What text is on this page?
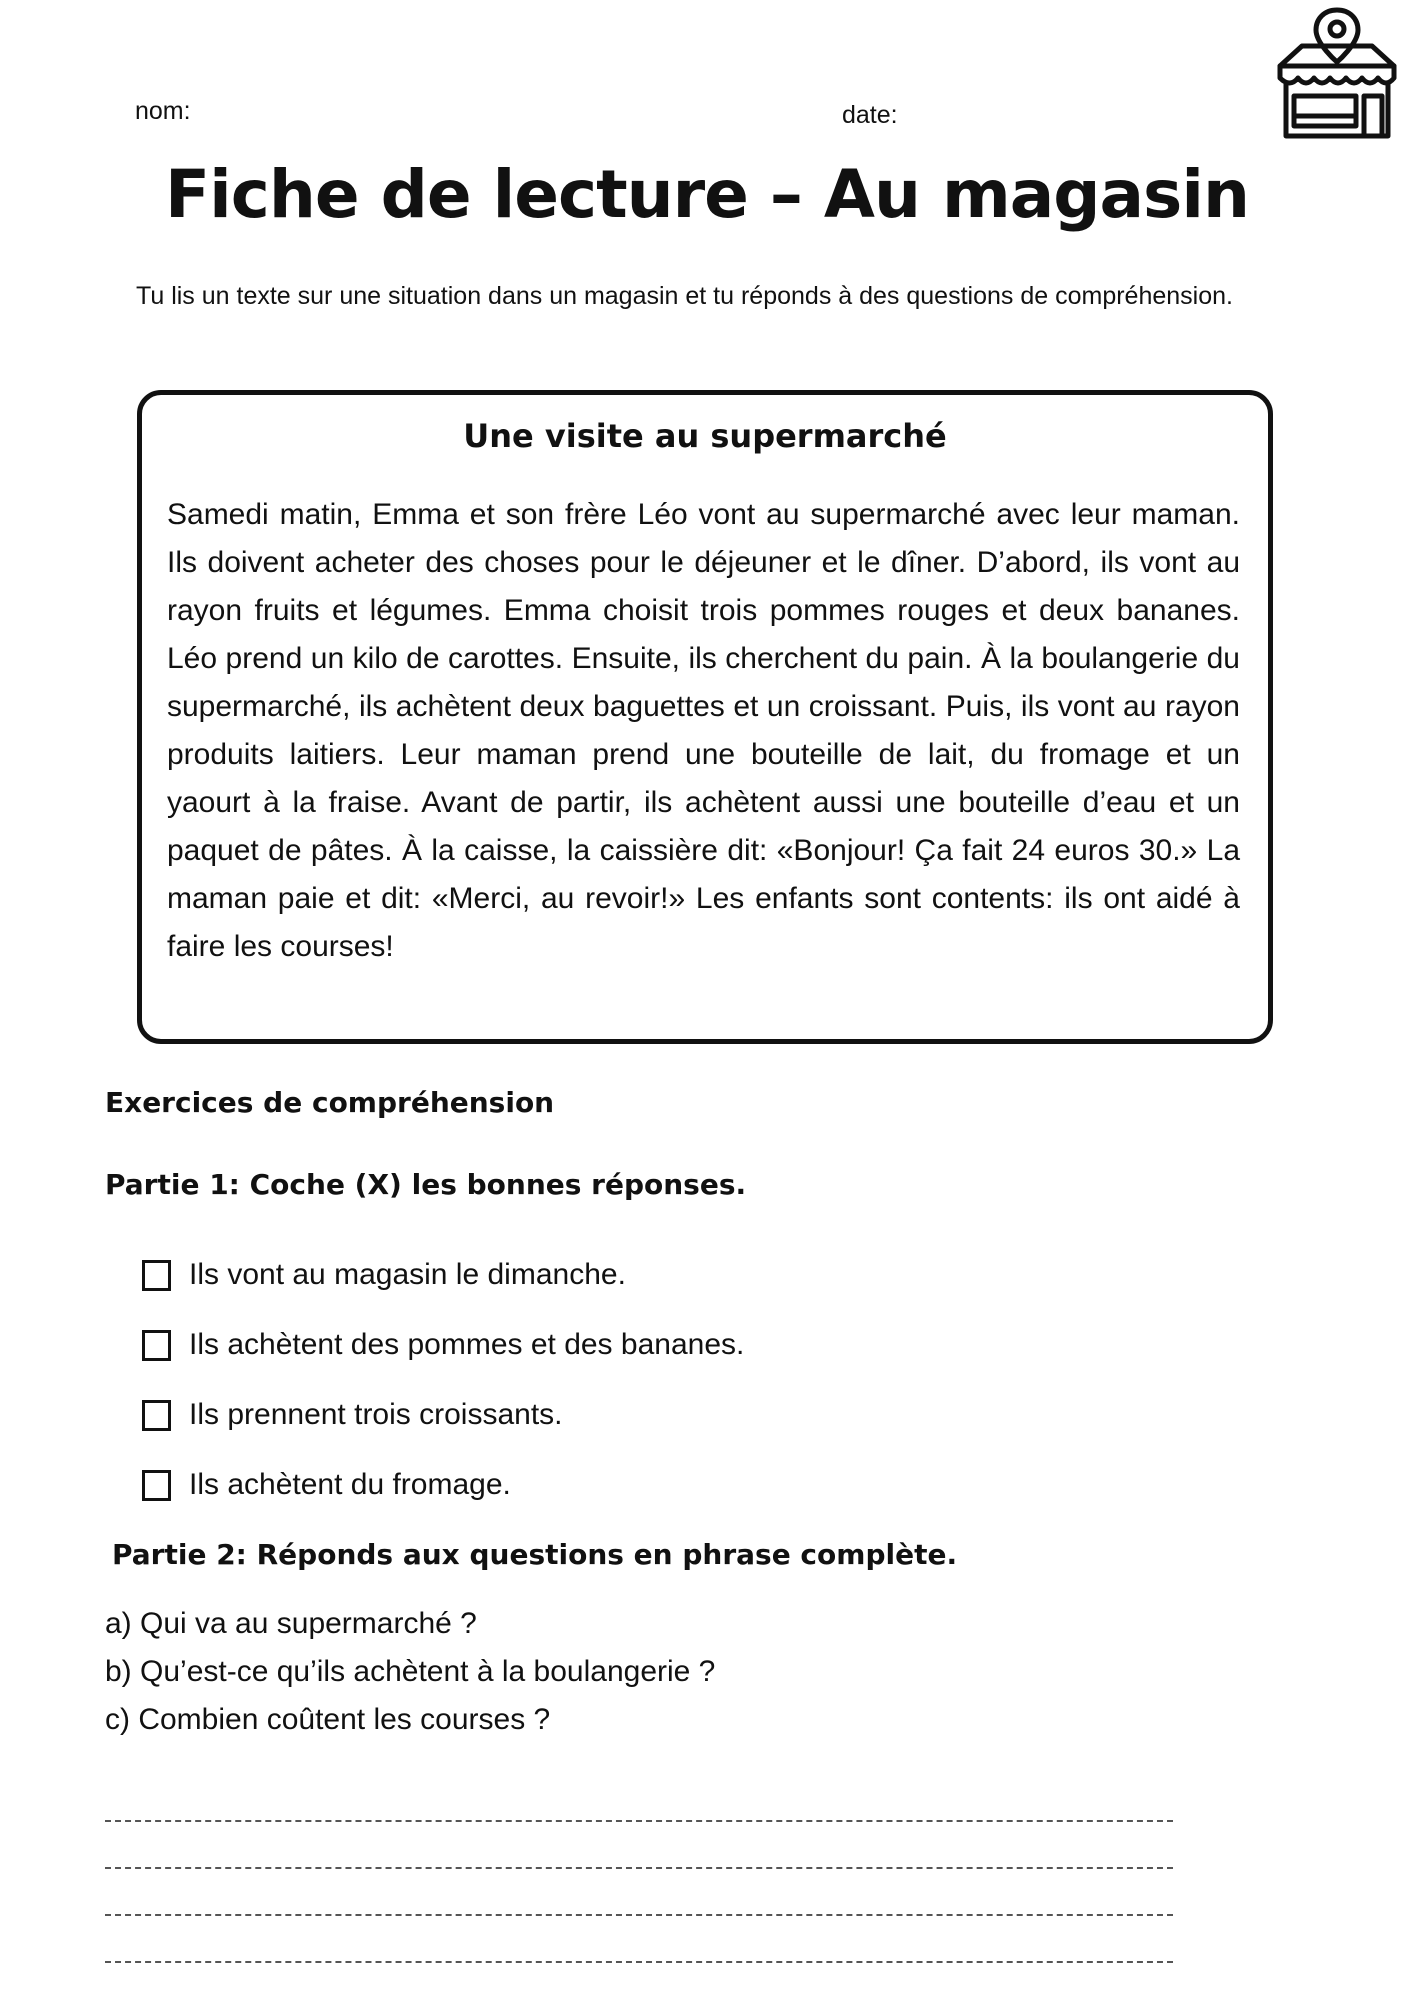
nom:	date:
Fiche de lecture – Au magasin

Tu lis un texte sur une situation dans un magasin et tu réponds à des questions de compréhension.

Une visite au supermarché

Samedi matin, Emma et son frère Léo vont au supermarché avec leur maman. Ils doivent acheter des choses pour le déjeuner et le dîner. D’abord, ils vont au rayon fruits et légumes. Emma choisit trois pommes rouges et deux bananes. Léo prend un kilo de carottes. Ensuite, ils cherchent du pain. À la boulangerie du supermarché, ils achètent deux baguettes et un croissant. Puis, ils vont au rayon produits laitiers. Leur maman prend une bouteille de lait, du fromage et un yaourt à la fraise. Avant de partir, ils achètent aussi une bouteille d’eau et un paquet de pâtes. À la caisse, la caissière dit: «Bonjour! Ça fait 24 euros 30.» La maman paie et dit: «Merci, au revoir!» Les enfants sont contents: ils ont aidé à faire les courses!

Exercices de compréhension
Partie 1: Coche (X) les bonnes réponses.
Ils vont au magasin le dimanche.
Ils achètent des pommes et des bananes.
Ils prennent trois croissants.
Ils achètent du fromage.
Partie 2: Réponds aux questions en phrase complète.
a) Qui va au supermarché ?
b) Qu’est-ce qu’ils achètent à la boulangerie ?
c) Combien coûtent les courses ?
